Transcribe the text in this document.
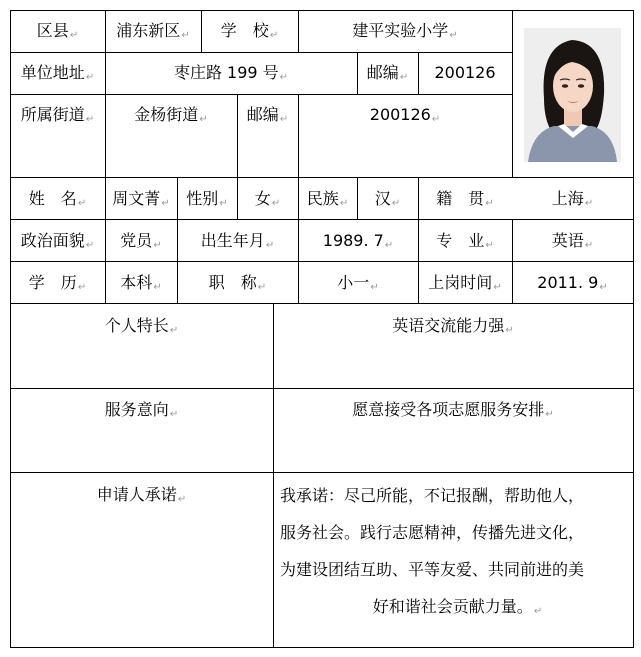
区县 ↵	浦东新区 ↵	学　校 ↵	建平实验小学 ↵
单位地址 ↵	枣庄路 199 号 ↵	邮编 ↵	200126
所属街道 ↵	金杨街道 ↵	邮编 ↵	200126 ↵
姓　名 ↵	周文菁 ↵	性别 ↵	女 ↵	民族 ↵	汉 ↵	籍　贯 ↵	上海 ↵
政治面貌 ↵	党员 ↵	出生年月 ↵	1989. 7 ↵	专　业 ↵	英语 ↵
学　历 ↵	本科 ↵	职　称 ↵	小一 ↵	上岗时间 ↵	2011. 9 ↵
个人特长 ↵	英语交流能力强 ↵
服务意向 ↵	愿意接受各项志愿服务安排 ↵
申请人承诺 ↵	我承诺：尽己所能，不记报酬，帮助他人，
服务社会。践行志愿精神，传播先进文化，
为建设团结互助、平等友爱、共同前进的美
好和谐社会贡献力量。 ↵
